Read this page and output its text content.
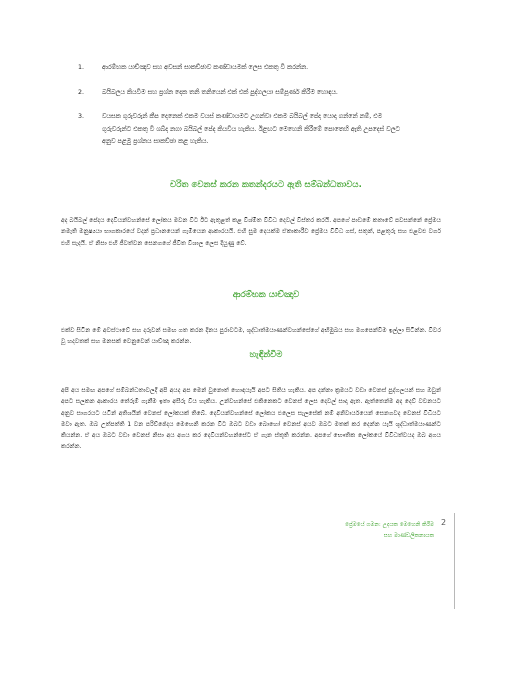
1.	ආරම්භක යාච්ඤාව සහ අවසන් සාකච්ඡාව කණ්ඩායමක් ලෙස එකතු වී කරන්න.
2.	බයිබලය කියවීම සහ ප්‍රශ්න දෙක තනි තනියෙන් එක් එක් පුද්ගලයා සම්පූර්ණ කිරීම හොඳය.
3.	වයසක ගුරුවරුන් කීප දෙනෙක් එකම වයස් කණ්ඩායමට උගන්වා එකම බයිබල් පේද යොදා ගන්නේ නම්, එම ගුරුවරුන්ට එකතු වී ශබ්ද නගා බයිබල් පේද කියවිය හැකිය. ඊළඟට මෙහෙනි කිරීමේ පොතෙහි ඇති උපදෙස් වලට අනුව පළමු ප්‍රශ්නය සාකච්ඡා කළ හැකිය.
චරිත වෙනස් කරන කතන්දරයට ඇති සම්බන්ධතාවය.

අද බයිබල් පේදය දෙවියන්වහන්සේ ලෝකය මවන විට ඊට ඇතුළත් කළ විශ්මිත විවිධ දෙවල් විස්තර කරයි. අපගේ පාඩමේ කතාවේ පවසන්නේ ප්‍රේමය නමැති මනුෂ්‍යයා භාගකාරයේ වදන් ප්‍රධානයෙන් ගැමියෙන ආකාරයයි. එහි සුම දෙයක්ම ඒකාකාරීව ප්‍රේමය විවිධ ගස්, සතුන්, පළතුරු සහ එළවළු වර්ග එහි සැදයි. ඒ නිසා එහි ජීවත්වන සෙනගගේ ජීවිත විශාල ලෙස දියුණු වේ.

ආරම්භක යාච්ඤාව

එක්ව සිටින මේ අවස්ථාවේ සහ දරුවන් සමඟ ගත කරන දිනය පුරාවටම, ශුද්ධාත්මයාණන්වහන්සේගේ අභිමුඛය සහ මගපෙන්වීම ඉල්ලා සිටින්න. විවර වූ හදවතක් සහ මනසක් වෙනුවෙන් යාච්ඤා කරන්න.

හැඳින්වීම

අපි අය සමඟ අපගේ සම්බන්ධතාවලදී අපි අයද අප මෙන් වුනොත් හොඳයැයි අපට සිතිය හැකිය. අප දන්නා ක්‍රමයට වඩා වෙනස් පුද්ගලයන් සහ ඔවුන් අපට සලකන ආකාරය තේරුම් ගැනීම ඉතා අසීරු විය හැකිය. උන්වහන්සේ එකිනෙකට වෙනස් ලෙස දෙවල් සාදා ඇත. ඇත්තෙන්ම අද දෙව් වචනයට අනුව සාගරයට යටින් අතිශයින් වෙනස් ලෝකයක් තිබේ. දෙවියන්වහන්සේ ලෝකය එලෙස සැලසේක් නම් අනිවාර්යයෙන් සෙනගවද වෙනස් විධියට මවා ඇත. ඔබ උත්පත්ති 1 වන පරිච්ඡේදය මෙහෙනි කරන විට ඔබට වඩා බොහෝ වෙනස් අයව ඔබට මතක් කර දෙන්න යැයි ශුද්ධාත්මයාණන්ට කියන්න. ඒ අය ඔබට වඩා වෙනස් නිසා අය අගය කර දෙවියන්වහන්සේට ඒ ගැන ස්තූති කරන්න. අපගේ භෞතික ලෝකයේ විවිධත්වයද ඔබ අගය කරන්න.

ප්‍රේමයේ ගමන: උදයක මෙහෙනි කිරීම
සහ මාණ්ඩලිකනායක
2
